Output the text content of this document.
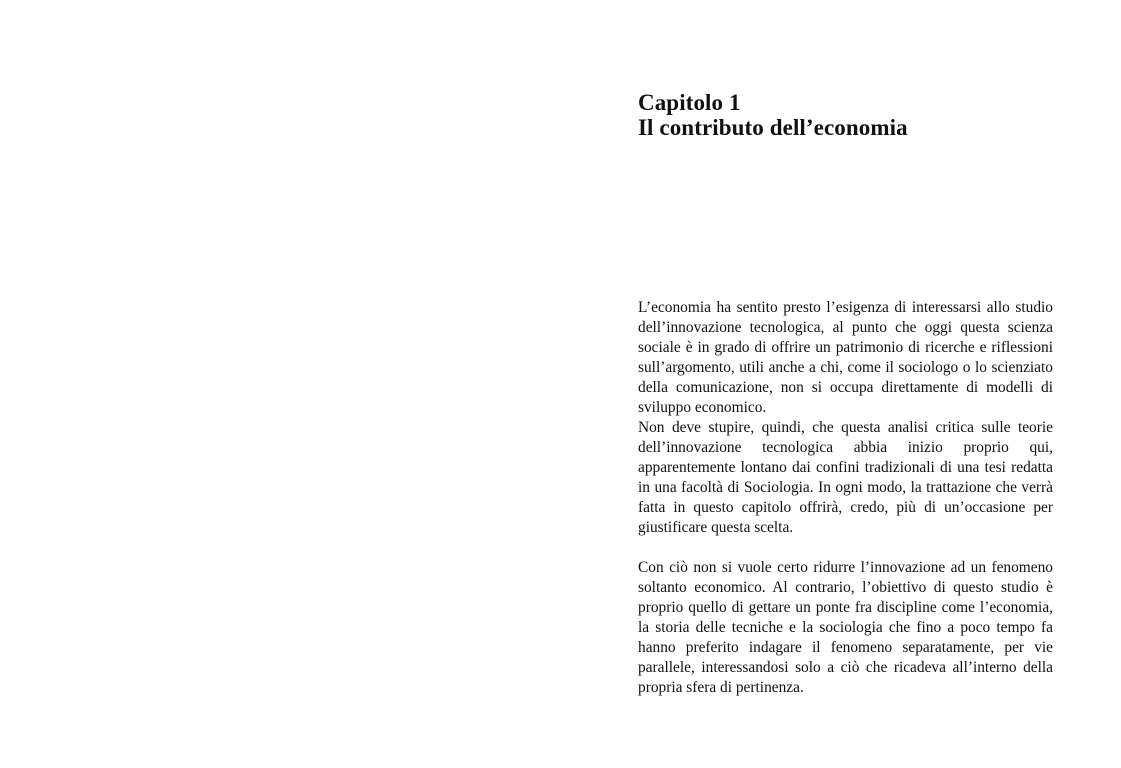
Capitolo 1
Il contributo dell’economia

L’economia ha sentito presto l’esigenza di interessarsi allo studio dell’innovazione tecnologica, al punto che oggi questa scienza sociale è in grado di offrire un patrimonio di ricerche e riflessioni sull’argomento, utili anche a chi, come il sociologo o lo scienziato della comunicazione, non si occupa direttamente di modelli di sviluppo economico.

Non deve stupire, quindi, che questa analisi critica sulle teorie dell’innovazione tecnologica abbia inizio proprio qui, apparentemente lontano dai confini tradizionali di una tesi redatta in una facoltà di Sociologia. In ogni modo, la trattazione che verrà fatta in questo capitolo offrirà, credo, più di un’occasione per giustificare questa scelta.

Con ciò non si vuole certo ridurre l’innovazione ad un fenomeno soltanto economico. Al contrario, l’obiettivo di questo studio è proprio quello di gettare un ponte fra discipline come l’economia, la storia delle tecniche e la sociologia che fino a poco tempo fa hanno preferito indagare il fenomeno separatamente, per vie parallele, interessandosi solo a ciò che ricadeva all’interno della propria sfera di pertinenza.
